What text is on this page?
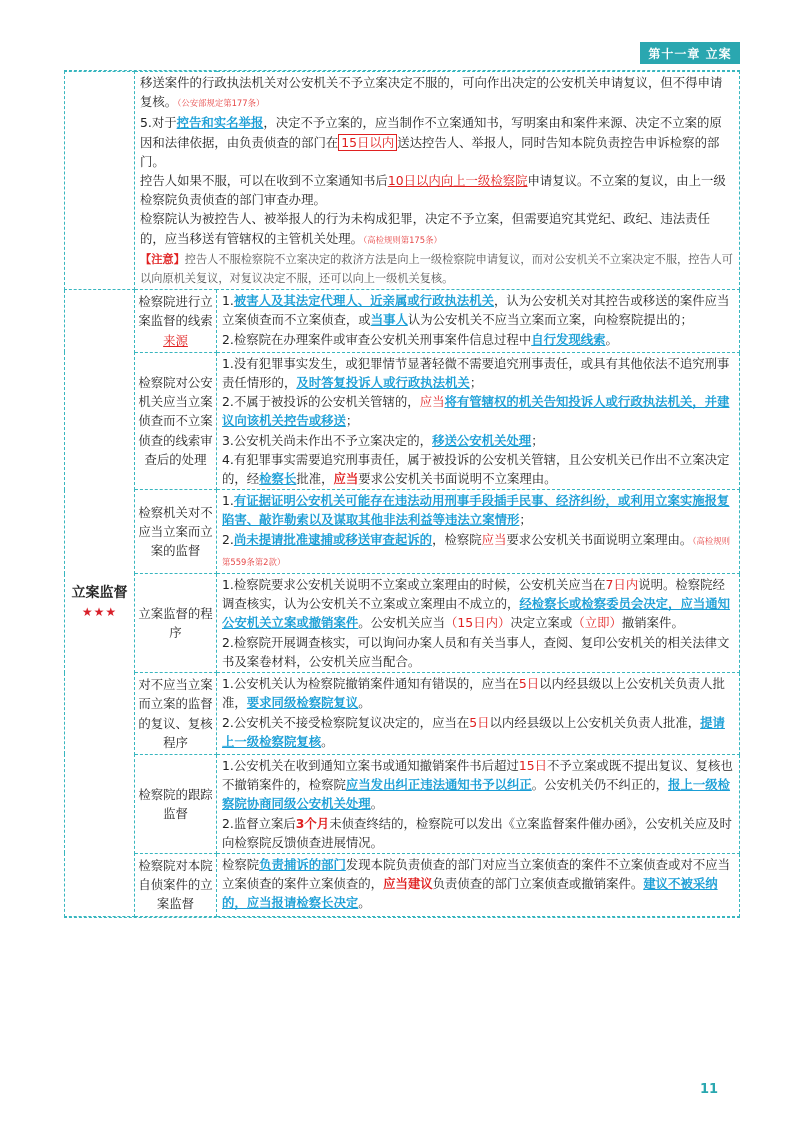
第十一章 立案

	移送案件的行政执法机关对公安机关不予立案决定不服的，可向作出决定的公安机关申请复议，但不得申请复核。（公安部规定第177条）
5.对于控告和实名举报，决定不予立案的，应当制作不立案通知书，写明案由和案件来源、决定不立案的原因和法律依据，由负责侦查的部门在 15日以内 送达控告人、举报人，同时告知本院负责控告申诉检察的部门。
控告人如果不服，可以在收到不立案通知书后10日以内向上一级检察院申请复议。不立案的复议，由上一级检察院负责侦查的部门审查办理。
检察院认为被控告人、被举报人的行为未构成犯罪，决定不予立案，但需要追究其党纪、政纪、违法责任的，应当移送有管辖权的主管机关处理。（高检规则第175条）
【注意】控告人不服检察院不立案决定的救济方法是向上一级检察院申请复议，而对公安机关不立案决定不服，控告人可以向原机关复议，对复议决定不服，还可以向上一级机关复核。	

立案监督
★★★	检察院进行立案监督的线索来源	1.被害人及其法定代理人、近亲属或行政执法机关，认为公安机关对其控告或移送的案件应当立案侦查而不立案侦查，或当事人认为公安机关不应当立案而立案，向检察院提出的；
2.检察院在办理案件或审查公安机关刑事案件信息过程中自行发现线索。

	检察院对公安机关应当立案侦查而不立案侦查的线索审查后的处理	1.没有犯罪事实发生，或犯罪情节显著轻微不需要追究刑事责任，或具有其他依法不追究刑事责任情形的，及时答复投诉人或行政执法机关；
2.不属于被投诉的公安机关管辖的，应当将有管辖权的机关告知投诉人或行政执法机关，并建议向该机关控告或移送；
3.公安机关尚未作出不予立案决定的，移送公安机关处理；
4.有犯罪事实需要追究刑事责任，属于被投诉的公安机关管辖，且公安机关已作出不立案决定的，经检察长批准，应当要求公安机关书面说明不立案理由。

	检察机关对不应当立案而立案的监督	1.有证据证明公安机关可能存在违法动用刑事手段插手民事、经济纠纷，或利用立案实施报复陷害、敲诈勒索以及谋取其他非法利益等违法立案情形；
2.尚未提请批准逮捕或移送审查起诉的，检察院应当要求公安机关书面说明立案理由。（高检规则第559条第2款）

	立案监督的程序	1.检察院要求公安机关说明不立案或立案理由的时候，公安机关应当在7日内说明。检察院经调查核实，认为公安机关不立案或立案理由不成立的，经检察长或检察委员会决定，应当通知公安机关立案或撤销案件。公安机关应当（15日内）决定立案或（立即）撤销案件。
2.检察院开展调查核实，可以询问办案人员和有关当事人，查阅、复印公安机关的相关法律文书及案卷材料，公安机关应当配合。

	对不应当立案而立案的监督的复议、复核程序	1.公安机关认为检察院撤销案件通知有错误的，应当在5日以内经县级以上公安机关负责人批准，要求同级检察院复议。
2.公安机关不接受检察院复议决定的，应当在5日以内经县级以上公安机关负责人批准，提请上一级检察院复核。

	检察院的跟踪监督	1.公安机关在收到通知立案书或通知撤销案件书后超过15日不予立案或既不提出复议、复核也不撤销案件的，检察院应当发出纠正违法通知书予以纠正。公安机关仍不纠正的，报上一级检察院协商同级公安机关处理。
2.监督立案后3个月未侦查终结的，检察院可以发出《立案监督案件催办函》，公安机关应及时向检察院反馈侦查进展情况。

	检察院对本院自侦案件的立案监督	检察院负责捕诉的部门发现本院负责侦查的部门对应当立案侦查的案件不立案侦查或对不应当立案侦查的案件立案侦查的，应当建议负责侦查的部门立案侦查或撤销案件。建议不被采纳的，应当报请检察长决定。
11
